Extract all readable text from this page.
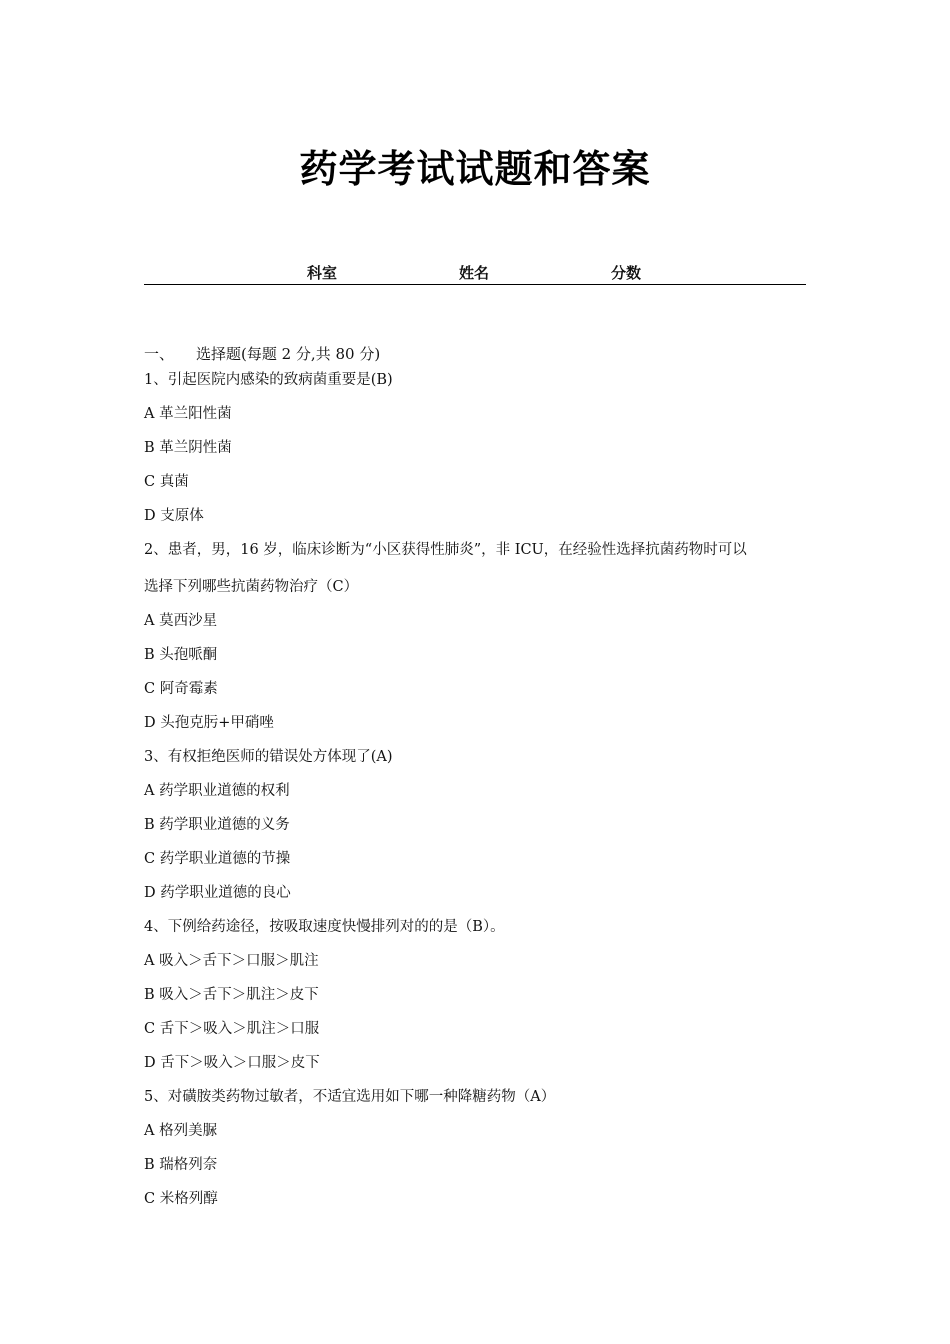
药学考试试题和答案
科室	姓名	分数
一、 选择题(每题 2 分,共 80 分)
1、引起医院内感染的致病菌重要是(B)
A 革兰阳性菌
B 革兰阴性菌
C 真菌
D 支原体
2、患者，男，16 岁，临床诊断为“小区获得性肺炎”，非 ICU，在经验性选择抗菌药物时可以
选择下列哪些抗菌药物治疗（C）
A 莫西沙星
B 头孢哌酮
C 阿奇霉素
D 头孢克肟+甲硝唑
3、有权拒绝医师的错误处方体现了(A)
A 药学职业道德的权利
B 药学职业道德的义务
C 药学职业道德的节操
D 药学职业道德的良心
4、下例给药途径，按吸取速度快慢排列对的的是（B）。
A 吸入＞舌下＞口服＞肌注
B 吸入＞舌下＞肌注＞皮下
C 舌下＞吸入＞肌注＞口服
D 舌下＞吸入＞口服＞皮下
5、对磺胺类药物过敏者，不适宜选用如下哪一种降糖药物（A）
A 格列美脲
B 瑞格列奈
C 米格列醇
